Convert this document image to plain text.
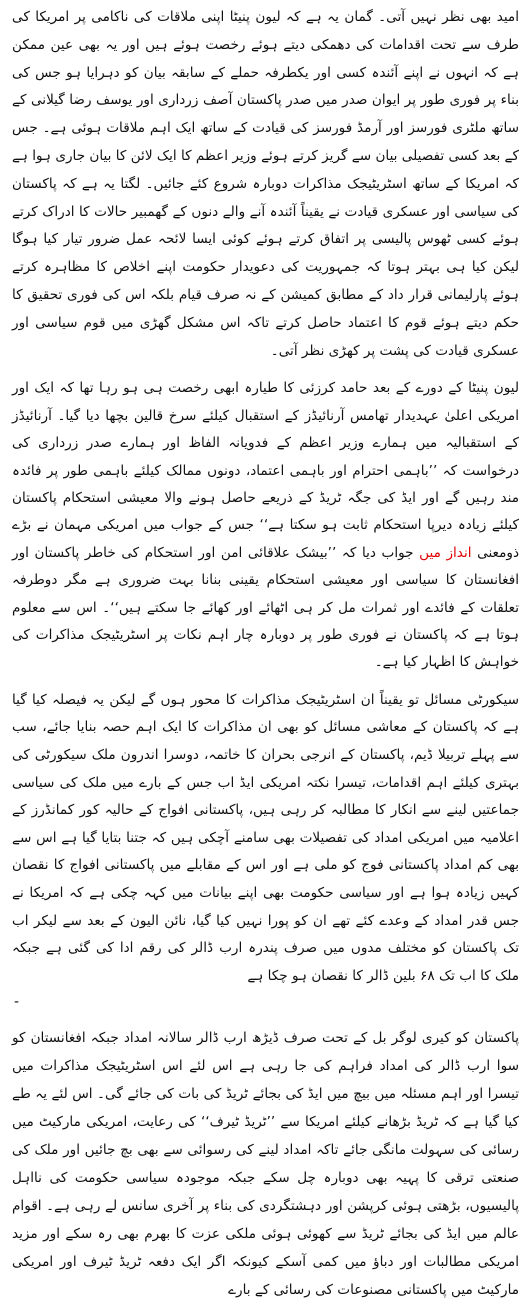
امید بھی نظر نہیں آتی۔ گمان یہ ہے کہ لیون پنیٹا اپنی ملاقات کی ناکامی پر امریکا کی طرف سے تحت اقدامات کی دھمکی دیتے ہوئے رخصت ہوئے ہیں اور یہ بھی عین ممکن ہے کہ انہوں نے اپنے آئندہ کسی اور یکطرفہ حملے کے سابقہ بیان کو دہرایا ہو جس کی بناء پر فوری طور پر ایوان صدر میں صدر پاکستان آصف زرداری اور یوسف رضا گیلانی کے ساتھ ملٹری فورسز اور آرمڈ فورسز کی قیادت کے ساتھ ایک اہم ملاقات ہوئی ہے۔ جس کے بعد کسی تفصیلی بیان سے گریز کرتے ہوئے وزیر اعظم کا ایک لائن کا بیان جاری ہوا ہے کہ امریکا کے ساتھ اسٹریٹیجک مذاکرات دوبارہ شروع کئے جائیں۔ لگتا یہ ہے کہ پاکستان کی سیاسی اور عسکری قیادت نے یقیناً آئندہ آنے والے دنوں کے گھمبیر حالات کا ادراک کرتے ہوئے کسی ٹھوس پالیسی پر اتفاق کرتے ہوئے کوئی ایسا لائحہ عمل ضرور تیار کیا ہوگا لیکن کیا ہی بہتر ہوتا کہ جمہوریت کی دعویدار حکومت اپنے اخلاص کا مظاہرہ کرتے ہوئے پارلیمانی قرار داد کے مطابق کمیشن کے نہ صرف قیام بلکہ اس کی فوری تحقیق کا حکم دیتے ہوئے قوم کا اعتماد حاصل کرتے تاکہ اس مشکل گھڑی میں قوم سیاسی اور عسکری قیادت کی پشت پر کھڑی نظر آتی۔

لیون پنیٹا کے دورے کے بعد حامد کرزئی کا طیارہ ابھی رخصت ہی ہو رہا تھا کہ ایک اور امریکی اعلیٰ عہدیدار تھامس آرنائیڈز کے استقبال کیلئے سرخ قالین بچھا دیا گیا۔ آرنائیڈز کے استقبالیہ میں ہمارے وزیر اعظم کے فدویانہ الفاظ اور ہمارے صدر زرداری کی درخواست کہ ’’باہمی احترام اور باہمی اعتماد، دونوں ممالک کیلئے باہمی طور پر فائدہ مند رہیں گے اور ایڈ کی جگہ ٹریڈ کے ذریعے حاصل ہونے والا معیشی استحکام پاکستان کیلئے زیادہ دیرپا استحکام ثابت ہو سکتا ہے‘‘ جس کے جواب میں امریکی مہمان نے بڑے ذومعنی انداز میں جواب دیا کہ ’’بیشک علاقائی امن اور استحکام کی خاطر پاکستان اور افغانستان کا سیاسی اور معیشی استحکام یقینی بنانا بہت ضروری ہے مگر دوطرفہ تعلقات کے فائدے اور ثمرات مل کر ہی اٹھائے اور کھائے جا سکتے ہیں‘‘۔ اس سے معلوم ہوتا ہے کہ پاکستان نے فوری طور پر دوبارہ چار اہم نکات پر اسٹریٹیجک مذاکرات کی خواہش کا اظہار کیا ہے۔

سیکورٹی مسائل تو یقیناً ان اسٹریٹیجک مذاکرات کا محور ہوں گے لیکن یہ فیصلہ کیا گیا ہے کہ پاکستان کے معاشی مسائل کو بھی ان مذاکرات کا ایک اہم حصہ بنایا جائے، سب سے پہلے تربیلا ڈیم، پاکستان کے انرجی بحران کا خاتمہ، دوسرا اندرون ملک سیکورٹی کی بہتری کیلئے اہم اقدامات، تیسرا نکتہ امریکی ایڈ اب جس کے بارے میں ملک کی سیاسی جماعتیں لینے سے انکار کا مطالبہ کر رہی ہیں، پاکستانی افواج کے حالیہ کور کمانڈرز کے اعلامیہ میں امریکی امداد کی تفصیلات بھی سامنے آچکی ہیں کہ جتنا بتایا گیا ہے اس سے بھی کم امداد پاکستانی فوج کو ملی ہے اور اس کے مقابلے میں پاکستانی افواج کا نقصان کہیں زیادہ ہوا ہے اور سیاسی حکومت بھی اپنے بیانات میں کہہ چکی ہے کہ امریکا نے جس قدر امداد کے وعدے کئے تھے ان کو پورا نہیں کیا گیا، نائن الیون کے بعد سے لیکر اب تک پاکستان کو مختلف مدوں میں صرف پندرہ ارب ڈالر کی رقم ادا کی گئی ہے جبکہ ملک کا اب تک ۶۸ بلین ڈالر کا نقصان ہو چکا ہے

-

پاکستان کو کیری لوگر بل کے تحت صرف ڈیڑھ ارب ڈالر سالانہ امداد جبکہ افغانستان کو سوا ارب ڈالر کی امداد فراہم کی جا رہی ہے اس لئے اس اسٹریٹیجک مذاکرات میں تیسرا اور اہم مسئلہ میں بیچ میں ایڈ کی بجائے ٹریڈ کی بات کی جائے گی۔ اس لئے یہ طے کیا گیا ہے کہ ٹریڈ بڑھانے کیلئے امریکا سے ’’ٹریڈ ٹیرف‘‘ کی رعایت، امریکی مارکیٹ میں رسائی کی سہولت مانگی جائے تاکہ امداد لینے کی رسوائی سے بھی بچ جائیں اور ملک کی صنعتی ترقی کا پہیہ بھی دوبارہ چل سکے جبکہ موجودہ سیاسی حکومت کی نااہل پالیسیوں، بڑھتی ہوئی کرپشن اور دہشتگردی کی بناء پر آخری سانس لے رہی ہے۔ اقوام عالم میں ایڈ کی بجائے ٹریڈ سے کھوئی ہوئی ملکی عزت کا بھرم بھی رہ سکے اور مزید امریکی مطالبات اور دباؤ میں کمی آسکے کیونکہ اگر ایک دفعہ ٹریڈ ٹیرف اور امریکی مارکیٹ میں پاکستانی مصنوعات کی رسائی کے بارے
